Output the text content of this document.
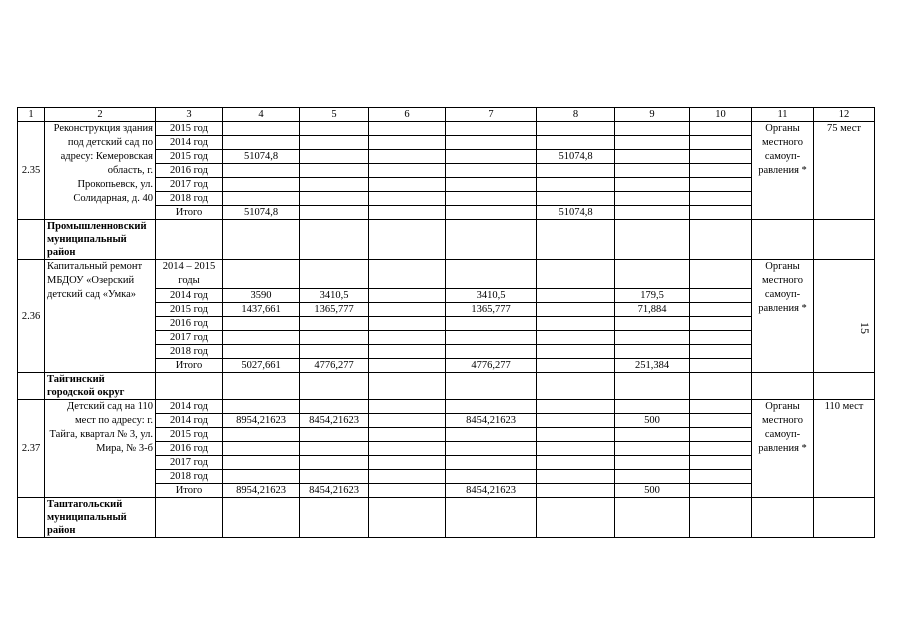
1	2	3	4	5	6	7	8	9	10	11	12
2.35	Реконструкция здания под детский сад по адресу: Кемеровская область, г. Прокопьевск, ул. Солидарная, д. 40	2015 год								Органы местного самоуп- равления *	75 мест
		2014 год									
		2015 год	51074,8				51074,8				
		2016 год									
		2017 год									
		2018 год									
		Итого	51074,8				51074,8				
	Промышленновский муниципальный район										
2.36	Капитальный ремонт МБДОУ «Озерский детский сад «Умка»	2014 – 2015 годы								Органы местного самоуп- равления *	
		2014 год	3590	3410,5		3410,5		179,5			
		2015 год	1437,661	1365,777		1365,777		71,884			
		2016 год									
		2017 год									
		2018 год									
		Итого	5027,661	4776,277		4776,277		251,384			
	Тайгинский городской округ										
2.37	Детский сад на 110 мест по адресу: г. Тайга, квартал № 3, ул. Мира, № 3-б	2014 год								Органы местного самоуп- равления *	110 мест
		2014 год	8954,21623	8454,21623		8454,21623		500			
		2015 год									
		2016 год									
		2017 год									
		2018 год									
		Итого	8954,21623	8454,21623		8454,21623		500			
	Таштагольский муниципальный район										
15
